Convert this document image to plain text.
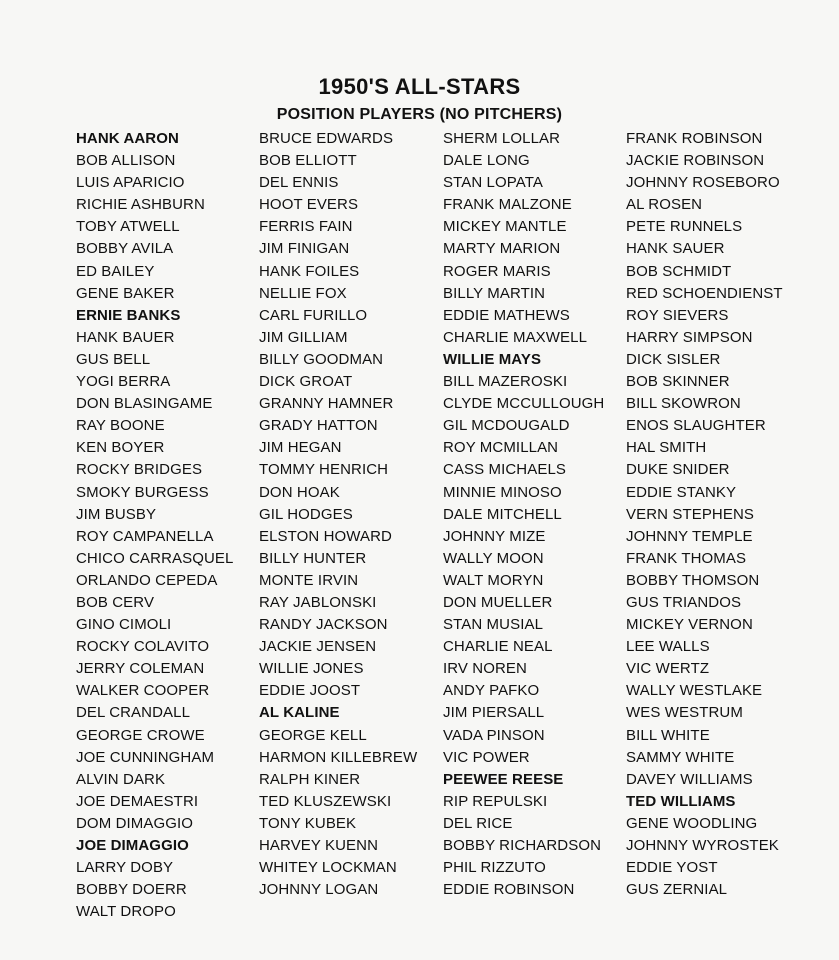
1950'S ALL-STARS
POSITION PLAYERS (NO PITCHERS)
HANK AARON
BOB ALLISON
LUIS APARICIO
RICHIE ASHBURN
TOBY ATWELL
BOBBY AVILA
ED BAILEY
GENE BAKER
ERNIE BANKS
HANK BAUER
GUS BELL
YOGI BERRA
DON BLASINGAME
RAY BOONE
KEN BOYER
ROCKY BRIDGES
SMOKY BURGESS
JIM BUSBY
ROY CAMPANELLA
CHICO CARRASQUEL
ORLANDO CEPEDA
BOB CERV
GINO CIMOLI
ROCKY COLAVITO
JERRY COLEMAN
WALKER COOPER
DEL CRANDALL
GEORGE CROWE
JOE CUNNINGHAM
ALVIN DARK
JOE DEMAESTRI
DOM DIMAGGIO
JOE DIMAGGIO
LARRY DOBY
BOBBY DOERR
WALT DROPO
BRUCE EDWARDS
BOB ELLIOTT
DEL ENNIS
HOOT EVERS
FERRIS FAIN
JIM FINIGAN
HANK FOILES
NELLIE FOX
CARL FURILLO
JIM GILLIAM
BILLY GOODMAN
DICK GROAT
GRANNY HAMNER
GRADY HATTON
JIM HEGAN
TOMMY HENRICH
DON HOAK
GIL HODGES
ELSTON HOWARD
BILLY HUNTER
MONTE IRVIN
RAY JABLONSKI
RANDY JACKSON
JACKIE JENSEN
WILLIE JONES
EDDIE JOOST
AL KALINE
GEORGE KELL
HARMON KILLEBREW
RALPH KINER
TED KLUSZEWSKI
TONY KUBEK
HARVEY KUENN
WHITEY LOCKMAN
JOHNNY LOGAN
SHERM LOLLAR
DALE LONG
STAN LOPATA
FRANK MALZONE
MICKEY MANTLE
MARTY MARION
ROGER MARIS
BILLY MARTIN
EDDIE MATHEWS
CHARLIE MAXWELL
WILLIE MAYS
BILL MAZEROSKI
CLYDE MCCULLOUGH
GIL MCDOUGALD
ROY MCMILLAN
CASS MICHAELS
MINNIE MINOSO
DALE MITCHELL
JOHNNY MIZE
WALLY MOON
WALT MORYN
DON MUELLER
STAN MUSIAL
CHARLIE NEAL
IRV NOREN
ANDY PAFKO
JIM PIERSALL
VADA PINSON
VIC POWER
PEEWEE REESE
RIP REPULSKI
DEL RICE
BOBBY RICHARDSON
PHIL RIZZUTO
EDDIE ROBINSON
FRANK ROBINSON
JACKIE ROBINSON
JOHNNY ROSEBORO
AL ROSEN
PETE RUNNELS
HANK SAUER
BOB SCHMIDT
RED SCHOENDIENST
ROY SIEVERS
HARRY SIMPSON
DICK SISLER
BOB SKINNER
BILL SKOWRON
ENOS SLAUGHTER
HAL SMITH
DUKE SNIDER
EDDIE STANKY
VERN STEPHENS
JOHNNY TEMPLE
FRANK THOMAS
BOBBY THOMSON
GUS TRIANDOS
MICKEY VERNON
LEE WALLS
VIC WERTZ
WALLY WESTLAKE
WES WESTRUM
BILL WHITE
SAMMY WHITE
DAVEY WILLIAMS
TED WILLIAMS
GENE WOODLING
JOHNNY WYROSTEK
EDDIE YOST
GUS ZERNIAL
